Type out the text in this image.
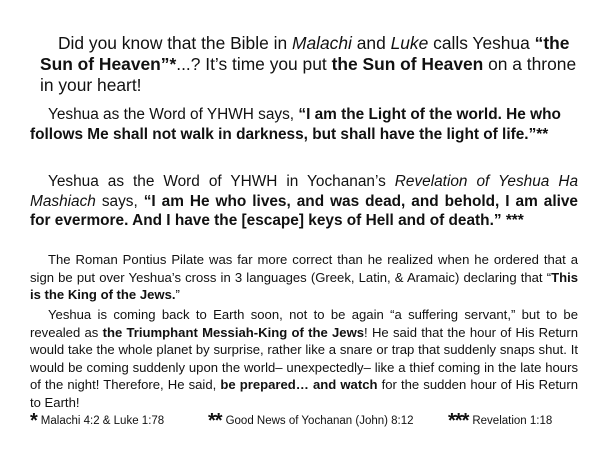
Did you know that the Bible in Malachi and Luke calls Yeshua “the Sun of Heaven”*...? It’s time you put the Sun of Heaven on a throne in your heart!

Yeshua as the Word of YHWH says, “I am the Light of the world. He who follows Me shall not walk in darkness, but shall have the light of life.”**

Yeshua as the Word of YHWH in Yochanan’s Revelation of Yeshua Ha Mashiach says, “I am He who lives, and was dead, and behold, I am alive for evermore. And I have the [escape] keys of Hell and of death.” ***

The Roman Pontius Pilate was far more correct than he realized when he ordered that a sign be put over Yeshua’s cross in 3 languages (Greek, Latin, & Aramaic) declaring that “This is the King of the Jews.”

Yeshua is coming back to Earth soon, not to be again “a suffering servant,” but to be revealed as the Triumphant Messiah-King of the Jews! He said that the hour of His Return would take the whole planet by surprise, rather like a snare or trap that suddenly snaps shut. It would be coming suddenly upon the world– unexpectedly– like a thief coming in the late hours of the night! Therefore, He said, be prepared… and watch for the sudden hour of His Return to Earth!

* Malachi 4:2 & Luke 1:78 ** Good News of Yochanan (John) 8:12 *** Revelation 1:18
